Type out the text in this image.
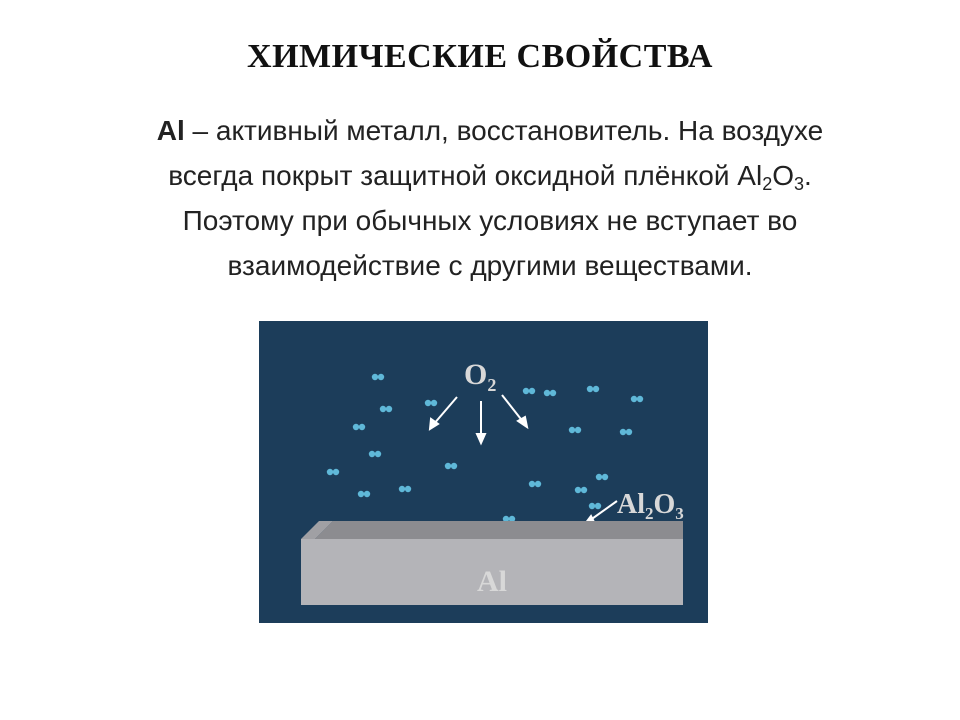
ХИМИЧЕСКИЕ СВОЙСТВА
Al – активный металл, восстановитель. На воздухе
всегда покрыт защитной оксидной плёнкой $Al_2O_3$.
Поэтому при обычных условиях не вступает во
взаимодействие с другими веществами.
$O_2$
$Al_2O_3$
Al
